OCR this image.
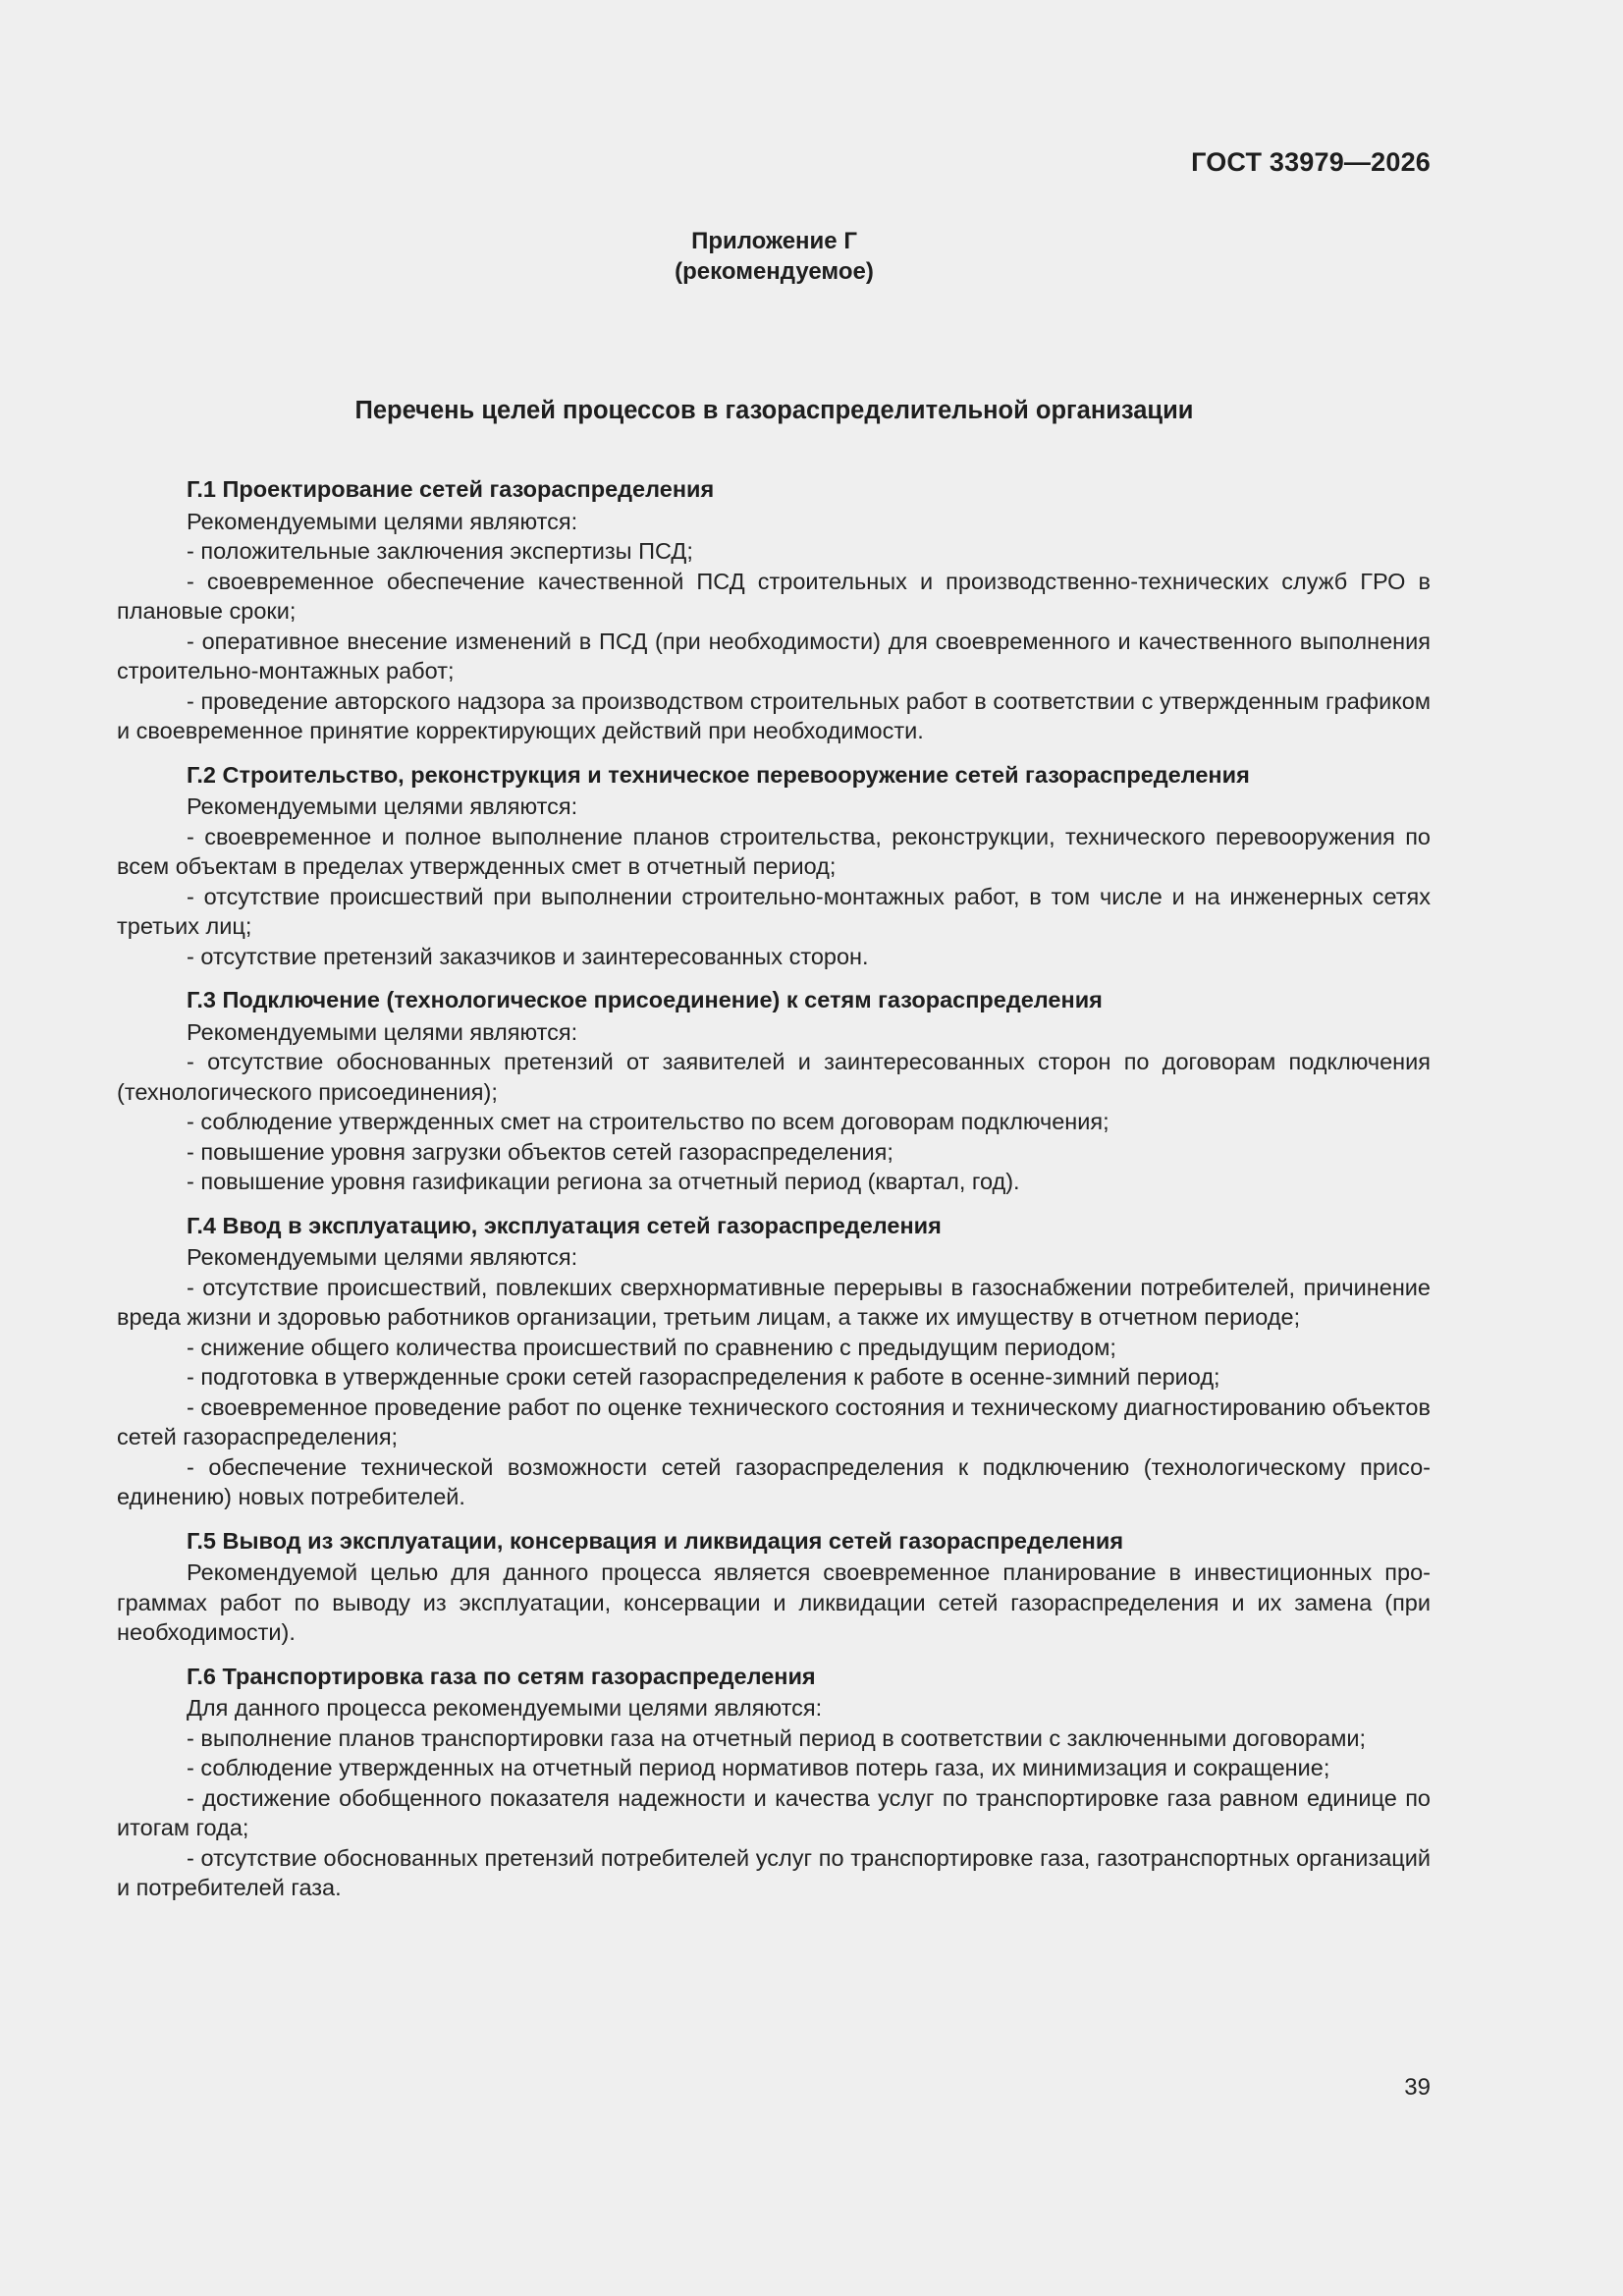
ГОСТ 33979—2026
Приложение Г
(рекомендуемое)
Перечень целей процессов в газораспределительной организации
Г.1 Проектирование сетей газораспределения

Рекомендуемыми целями являются:

- положительные заключения экспертизы ПСД;

- своевременное обеспечение качественной ПСД строительных и производственно-технических служб ГРО в плановые сроки;

- оперативное внесение изменений в ПСД (при необходимости) для своевременного и качественного выполнения строительно-монтажных работ;

- проведение авторского надзора за производством строительных работ в соответствии с утвержденным графиком и своевременное принятие корректирующих действий при необходимости.

Г.2 Строительство, реконструкция и техническое перевооружение сетей газораспределения

Рекомендуемыми целями являются:

- своевременное и полное выполнение планов строительства, реконструкции, технического перевооружения по всем объектам в пределах утвержденных смет в отчетный период;

- отсутствие происшествий при выполнении строительно-монтажных работ, в том числе и на инженерных сетях третьих лиц;

- отсутствие претензий заказчиков и заинтересованных сторон.

Г.3 Подключение (технологическое присоединение) к сетям газораспределения

Рекомендуемыми целями являются:

- отсутствие обоснованных претензий от заявителей и заинтересованных сторон по договорам подключения (технологического присоединения);

- соблюдение утвержденных смет на строительство по всем договорам подключения;

- повышение уровня загрузки объектов сетей газораспределения;

- повышение уровня газификации региона за отчетный период (квартал, год).

Г.4 Ввод в эксплуатацию, эксплуатация сетей газораспределения

Рекомендуемыми целями являются:

- отсутствие происшествий, повлекших сверхнормативные перерывы в газоснабжении потребителей, причинение вреда жизни и здоровью работников организации, третьим лицам, а также их имуществу в отчетном периоде;

- снижение общего количества происшествий по сравнению с предыдущим периодом;

- подготовка в утвержденные сроки сетей газораспределения к работе в осенне-зимний период;

- своевременное проведение работ по оценке технического состояния и техническому диагностированию объектов сетей газораспределения;

- обеспечение технической возможности сетей газораспределения к подключению (технологическому присоединению) новых потребителей.

Г.5 Вывод из эксплуатации, консервация и ликвидация сетей газораспределения

Рекомендуемой целью для данного процесса является своевременное планирование в инвестиционных программах работ по выводу из эксплуатации, консервации и ликвидации сетей газораспределения и их замена (при необходимости).

Г.6 Транспортировка газа по сетям газораспределения

Для данного процесса рекомендуемыми целями являются:

- выполнение планов транспортировки газа на отчетный период в соответствии с заключенными договорами;

- соблюдение утвержденных на отчетный период нормативов потерь газа, их минимизация и сокращение;

- достижение обобщенного показателя надежности и качества услуг по транспортировке газа равном единице по итогам года;

- отсутствие обоснованных претензий потребителей услуг по транспортировке газа, газотранспортных организаций и потребителей газа.

39
